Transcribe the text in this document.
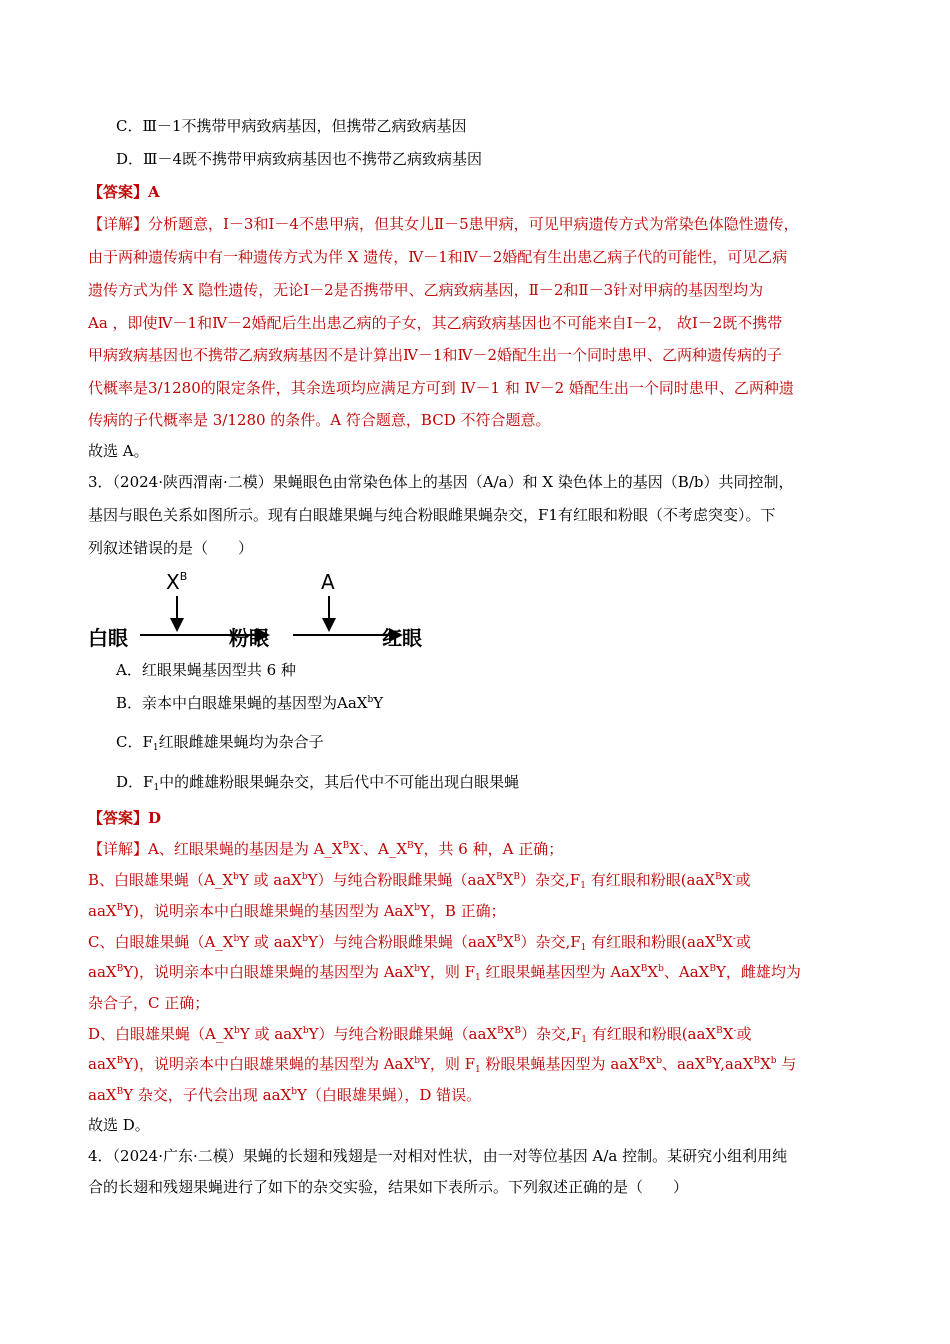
C．Ⅲ－1不携带甲病致病基因，但携带乙病致病基因
D．Ⅲ－4既不携带甲病致病基因也不携带乙病致病基因
【答案】A
【详解】分析题意，Ⅰ－3和Ⅰ－4不患甲病，但其女儿Ⅱ－5患甲病，可见甲病遗传方式为常染色体隐性遗传，
由于两种遗传病中有一种遗传方式为伴 X 遗传，Ⅳ－1和Ⅳ－2婚配有生出患乙病子代的可能性，可见乙病
遗传方式为伴 X 隐性遗传，无论Ⅰ－2是否携带甲、乙病致病基因，Ⅱ－2和Ⅱ－3针对甲病的基因型均为
Aa ，即使Ⅳ－1和Ⅳ－2婚配后生出患乙病的子女，其乙病致病基因也不可能来自Ⅰ－2， 故Ⅰ－2既不携带
甲病致病基因也不携带乙病致病基因不是计算出Ⅳ－1和Ⅳ－2婚配生出一个同时患甲、乙两种遗传病的子
代概率是3/1280的限定条件，其余选项均应满足方可到 Ⅳ－1 和 Ⅳ－2 婚配生出一个同时患甲、乙两种遗
传病的子代概率是 3/1280 的条件。A 符合题意，BCD 不符合题意。
故选 A。
3．（2024·陕西渭南·二模）果蝇眼色由常染色体上的基因（A/a）和 X 染色体上的基因（B/b）共同控制，
基因与眼色关系如图所示。现有白眼雄果蝇与纯合粉眼雌果蝇杂交，F1有红眼和粉眼（不考虑突变）。下
列叙述错误的是（　　）
白眼	粉眼	红眼
$X^B$	A
A．红眼果蝇基因型共 6 种
B．亲本中白眼雄果蝇的基因型为AaX$^b$Y
C．$F_1$红眼雌雄果蝇均为杂合子
D．$F_1$中的雌雄粉眼果蝇杂交，其后代中不可能出现白眼果蝇
【答案】D
【详解】A、红眼果蝇的基因是为 $A\_X^BX^-$、$A\_X^BY$，共 6 种，A 正确；
B、白眼雄果蝇（$A\_X^bY$ 或 aaX$^b$Y）与纯合粉眼雌果蝇$(aaX^BX^B)$杂交$,F_1$ 有红眼和粉眼(aaX$^B$X-或
aaX$^B$Y)，说明亲本中白眼雄果蝇的基因型为 AaX$^b$Y，B 正确；
C、白眼雄果蝇（$A\_X^bY$ 或 aaX$^b$Y）与纯合粉眼雌果蝇$(aaX^BX^B)$杂交$,F_1$ 有红眼和粉眼(aaX$^B$X-或
aaX$^B$Y)，说明亲本中白眼雄果蝇的基因型为 AaX$^b$Y，则 $F_1$ 红眼果蝇基因型为 $AaX^BX^b$、AaX$^B$Y，雌雄均为
杂合子，C 正确；
D、白眼雄果蝇（$A\_X^bY$ 或 aaX$^b$Y）与纯合粉眼雌果蝇$(aaX^BX^B)$杂交$,F_1$ 有红眼和粉眼(aaX$^B$X-或
aaX$^B$Y)，说明亲本中白眼雄果蝇的基因型为 AaX$^b$Y，则 $F_1$ 粉眼果蝇基因型为 $aaX^BX^b$、$aaX^BY,aaX^BX^b$ 与
aaX$^B$Y 杂交，子代会出现 aaX$^b$Y（白眼雄果蝇），D 错误。
故选 D。
4．（2024·广东·二模）果蝇的长翅和残翅是一对相对性状，由一对等位基因 A/a 控制。某研究小组利用纯
合的长翅和残翅果蝇进行了如下的杂交实验，结果如下表所示。下列叙述正确的是（　　）
